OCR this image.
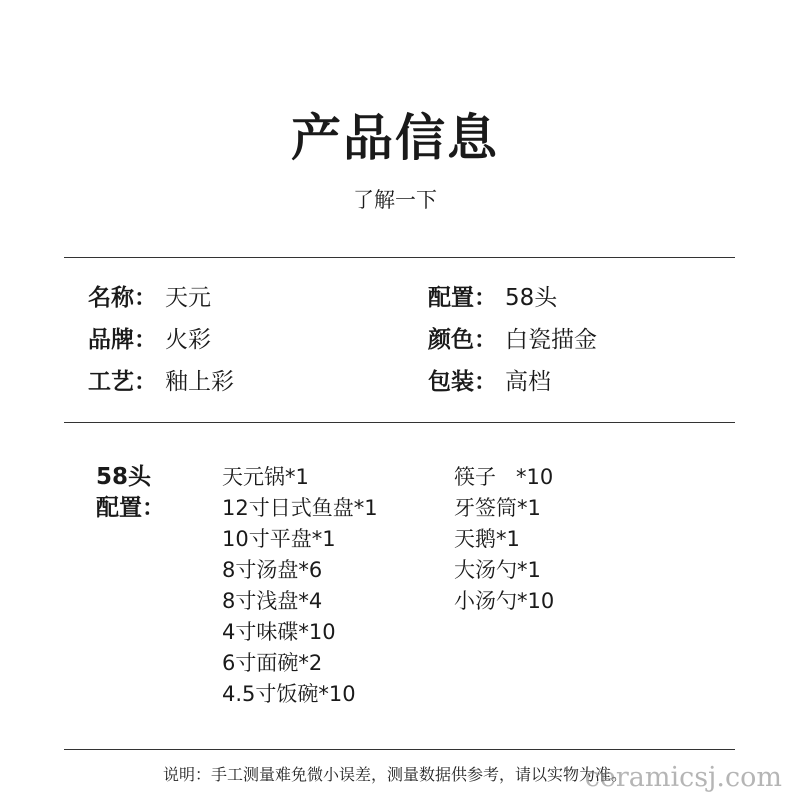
产品信息
了解一下
名称： 天元	配置： 58头
品牌： 火彩	颜色： 白瓷描金
工艺： 釉上彩	包装： 高档
58头
配置：
天元锅*1
12寸日式鱼盘*1
10寸平盘*1
8寸汤盘*6
8寸浅盘*4
4寸味碟*10
6寸面碗*2
4.5寸饭碗*10
筷子   *10
牙签筒*1
天鹅*1
大汤勺*1
小汤勺*10
说明：手工测量难免微小误差，测量数据供参考，请以实物为准。
ceramicsj.com
